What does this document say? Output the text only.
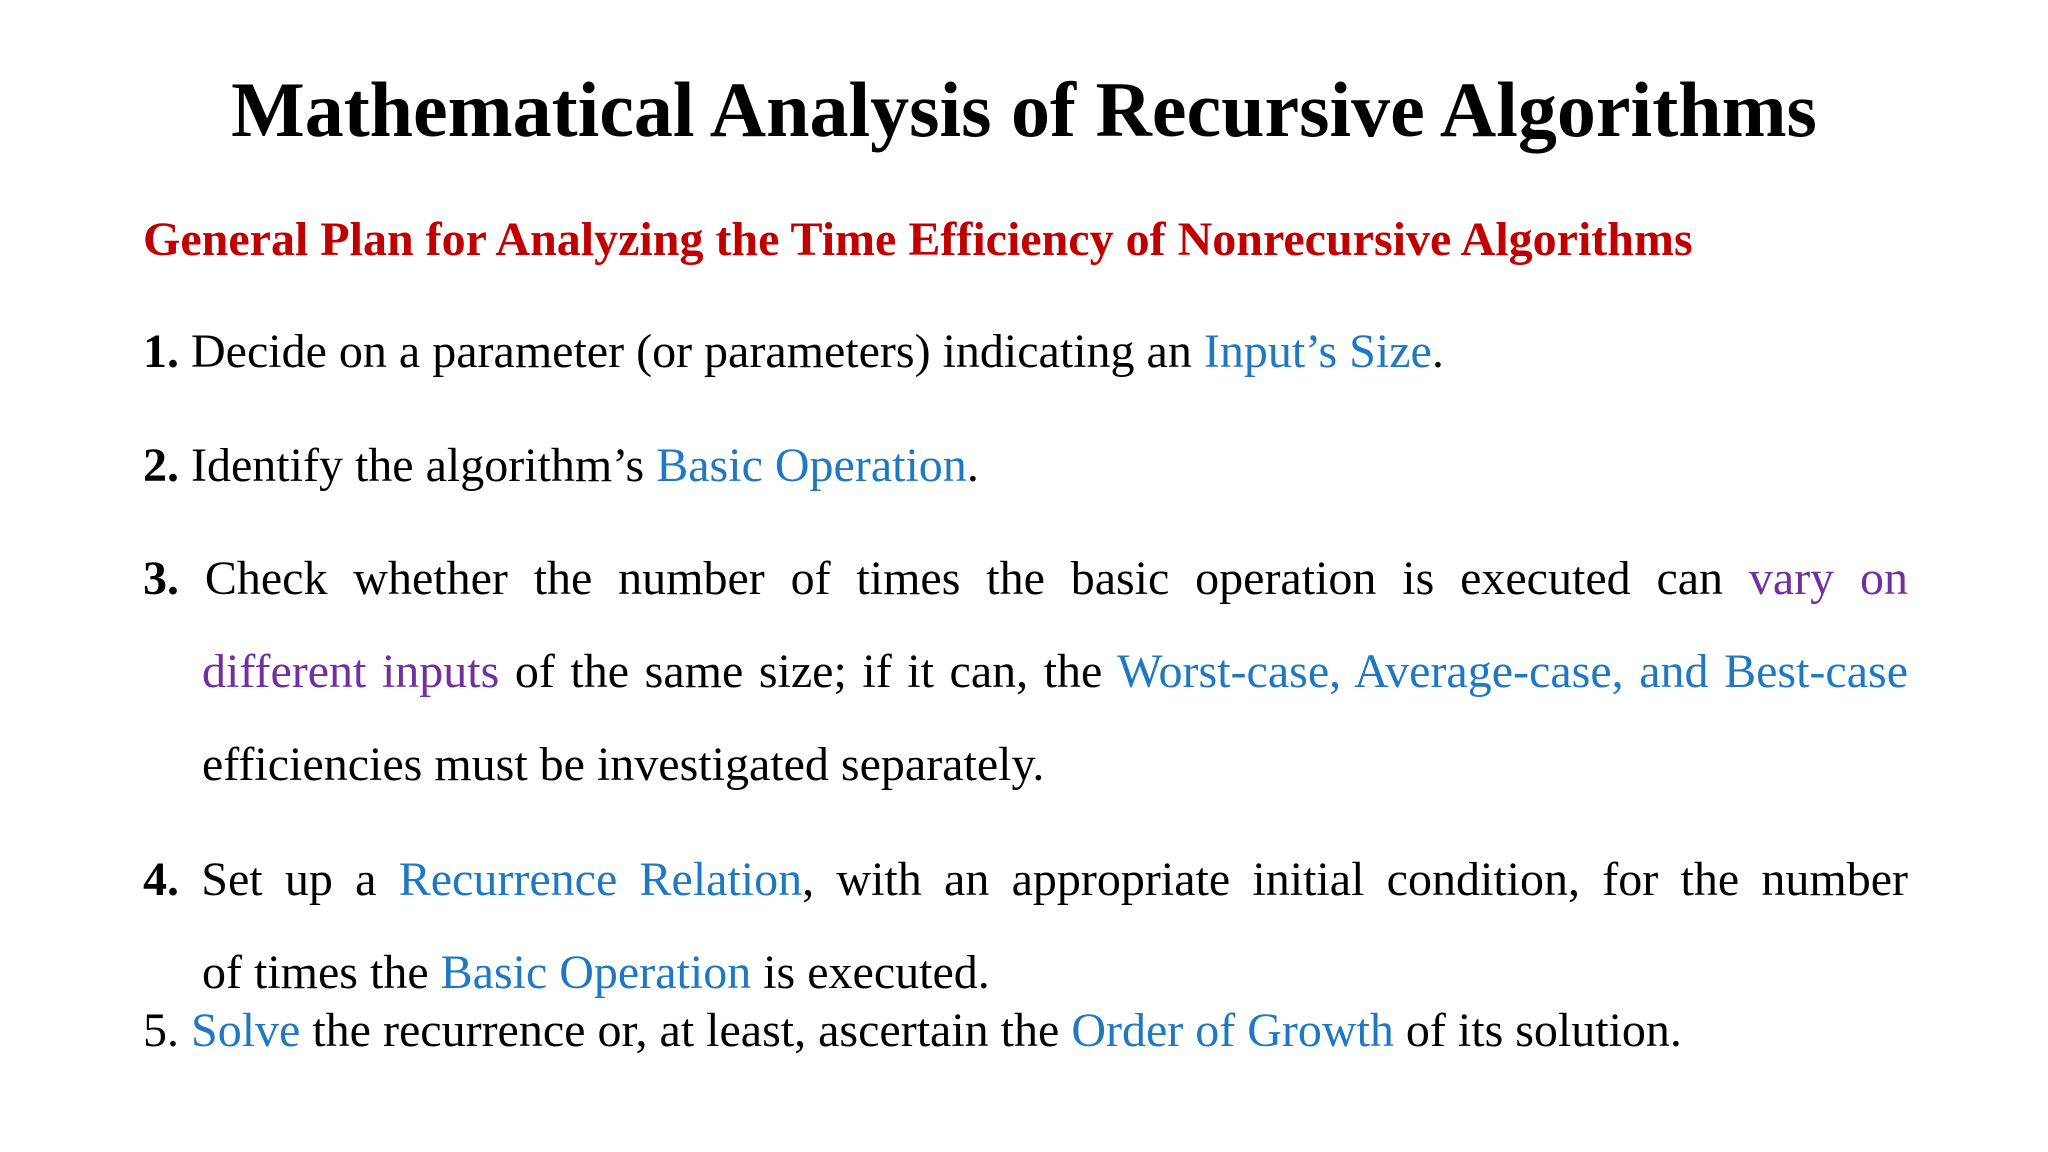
Mathematical Analysis of Recursive Algorithms
General Plan for Analyzing the Time Efficiency of Nonrecursive Algorithms
1. Decide on a parameter (or parameters) indicating an Input’s Size.
2. Identify the algorithm’s Basic Operation.
3. Check whether the number of times the basic operation is executed can vary on
different inputs of the same size; if it can, the Worst-case, Average-case, and Best-case efficiencies must be investigated separately.
4. Set up a Recurrence Relation, with an appropriate initial condition, for the number
of times the Basic Operation is executed.
5. Solve the recurrence or, at least, ascertain the Order of Growth of its solution.
